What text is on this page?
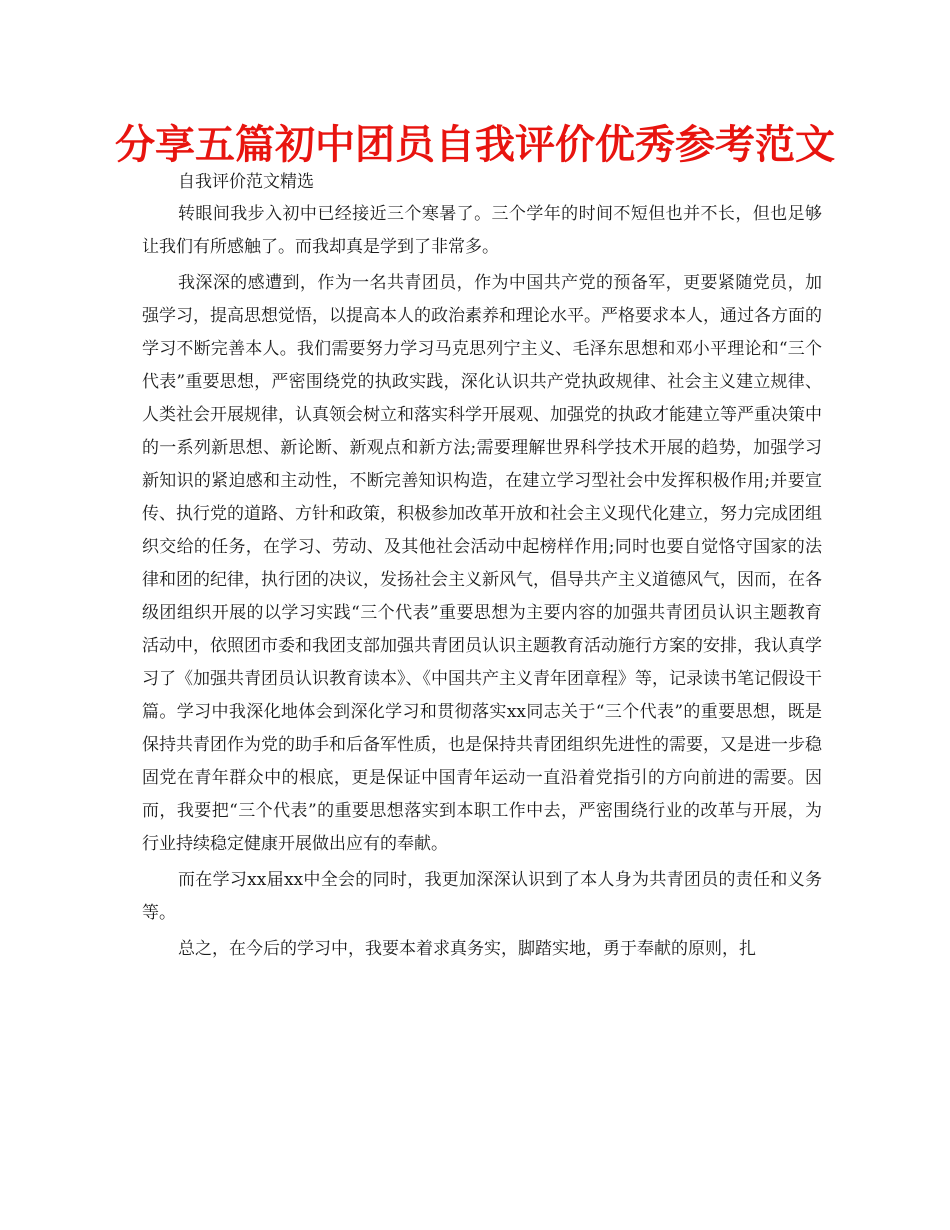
分享五篇初中团员自我评价优秀参考范文

自我评价范文精选

转眼间我步入初中已经接近三个寒暑了。三个学年的时间不短但也并不长，但也足够让我们有所感触了。而我却真是学到了非常多。

我深深的感遭到，作为一名共青团员，作为中国共产党的预备军，更要紧随党员，加强学习，提高思想觉悟，以提高本人的政治素养和理论水平。严格要求本人，通过各方面的学习不断完善本人。我们需要努力学习马克思列宁主义、毛泽东思想和邓小平理论和“三个代表”重要思想，严密围绕党的执政实践，深化认识共产党执政规律、社会主义建立规律、人类社会开展规律，认真领会树立和落实科学开展观、加强党的执政才能建立等严重决策中的一系列新思想、新论断、新观点和新方法;需要理解世界科学技术开展的趋势，加强学习新知识的紧迫感和主动性，不断完善知识构造，在建立学习型社会中发挥积极作用;并要宣传、执行党的道路、方针和政策，积极参加改革开放和社会主义现代化建立，努力完成团组织交给的任务，在学习、劳动、及其他社会活动中起榜样作用;同时也要自觉恪守国家的法律和团的纪律，执行团的决议，发扬社会主义新风气，倡导共产主义道德风气，因而，在各级团组织开展的以学习实践“三个代表”重要思想为主要内容的加强共青团员认识主题教育活动中，依照团市委和我团支部加强共青团员认识主题教育活动施行方案的安排，我认真学习了《加强共青团员认识教育读本》、《中国共产主义青年团章程》等，记录读书笔记假设干篇。学习中我深化地体会到深化学习和贯彻落实xx同志关于“三个代表”的重要思想，既是保持共青团作为党的助手和后备军性质，也是保持共青团组织先进性的需要，又是进一步稳固党在青年群众中的根底，更是保证中国青年运动一直沿着党指引的方向前进的需要。因而，我要把“三个代表”的重要思想落实到本职工作中去，严密围绕行业的改革与开展，为行业持续稳定健康开展做出应有的奉献。

而在学习xx届xx中全会的同时，我更加深深认识到了本人身为共青团员的责任和义务等。

总之，在今后的学习中，我要本着求真务实，脚踏实地，勇于奉献的原则，扎
